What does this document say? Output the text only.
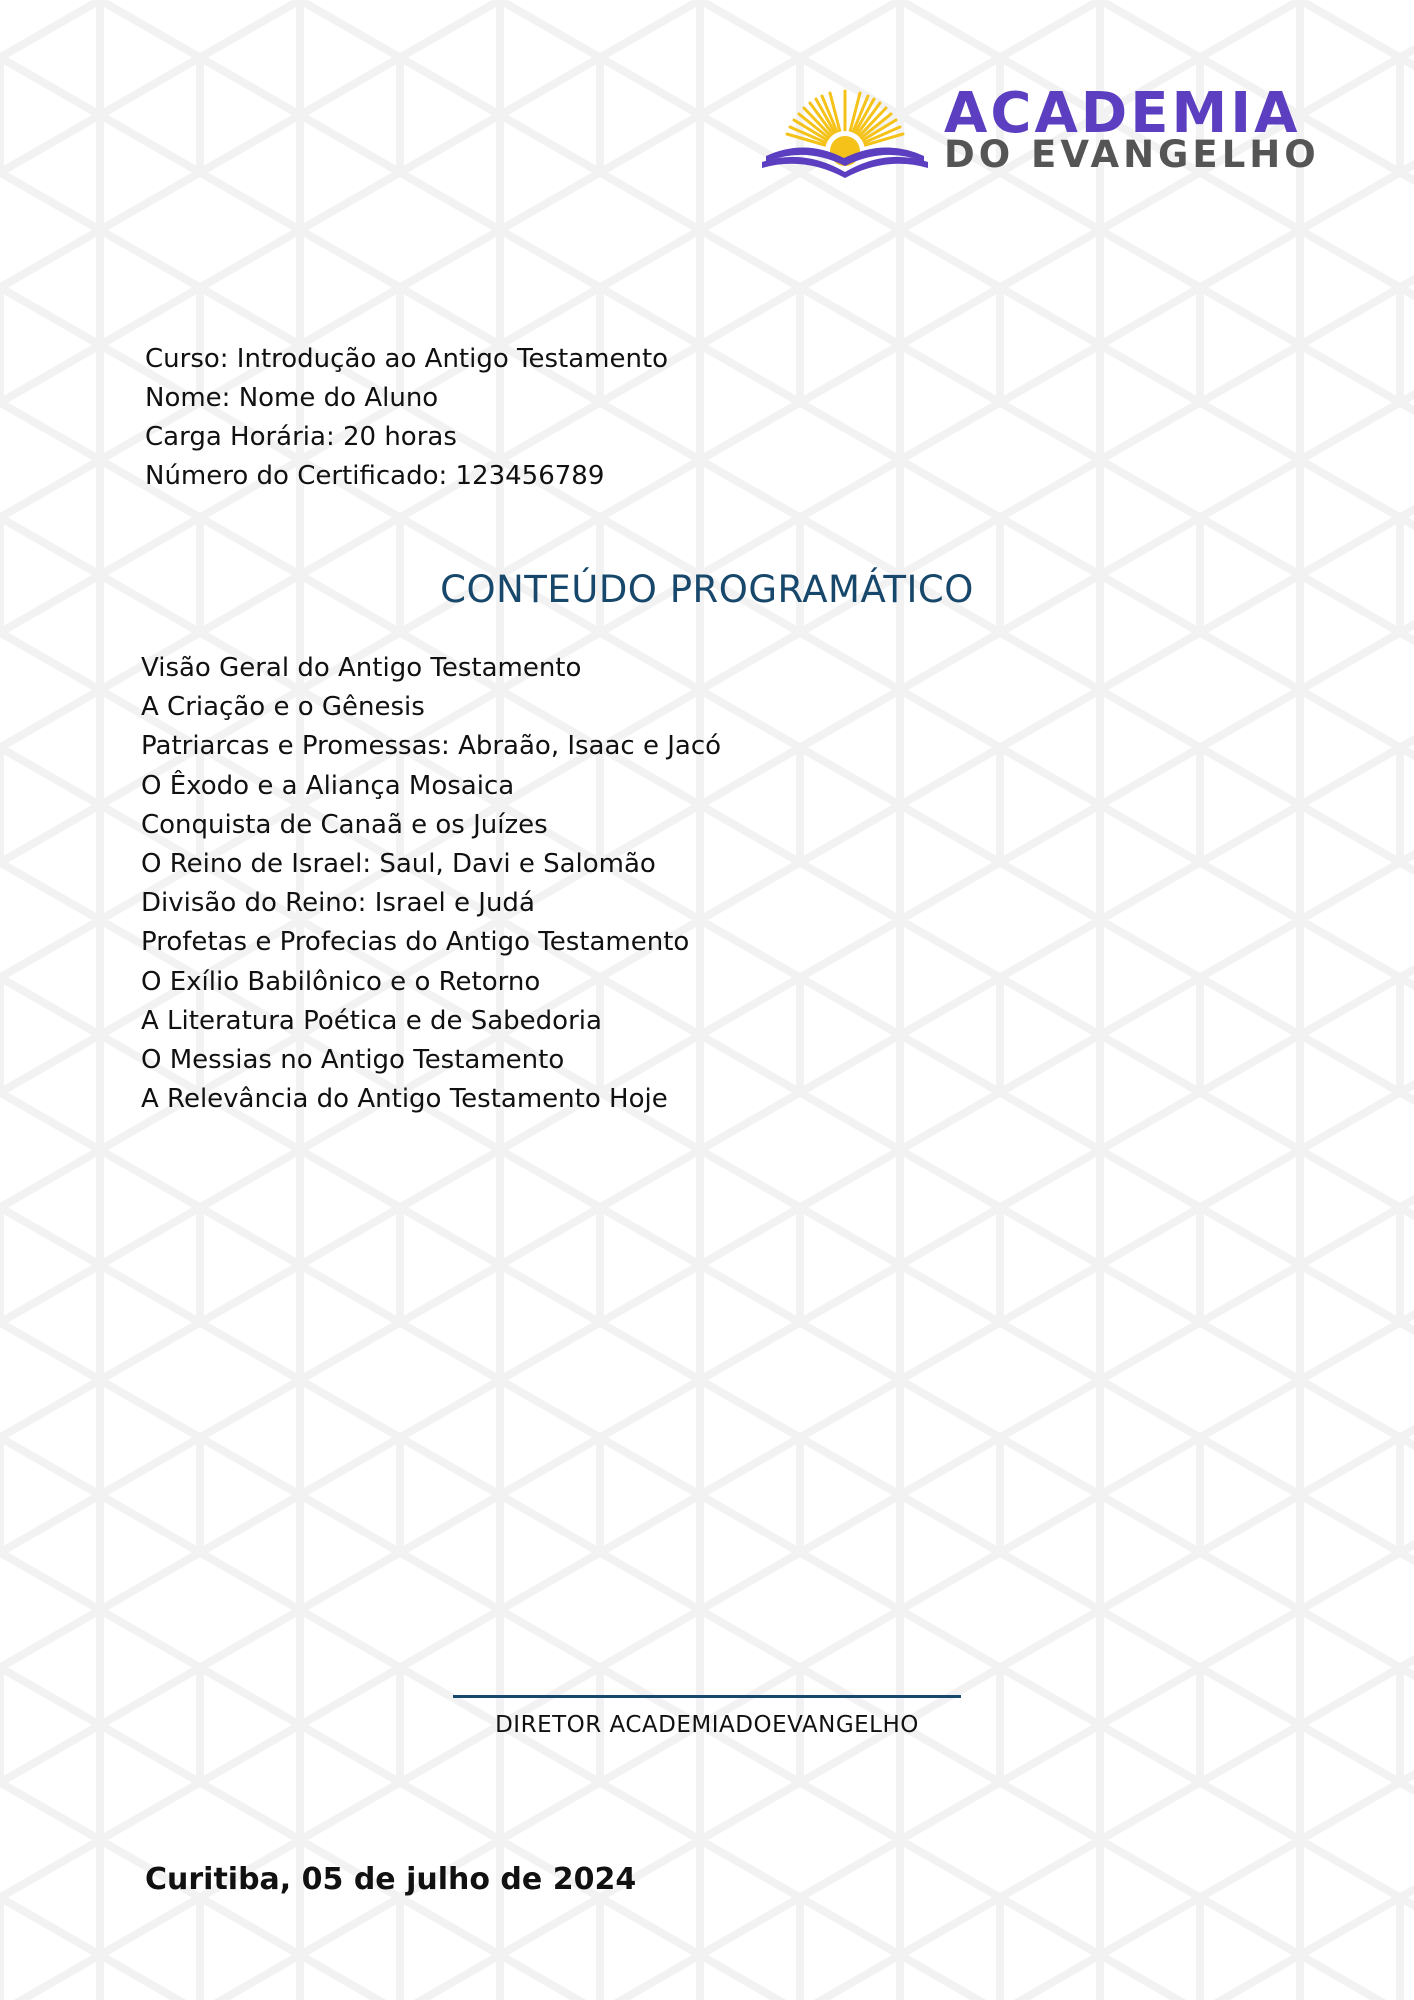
ACADEMIA
DO EVANGELHO
Curso: Introdução ao Antigo Testamento
Nome: Nome do Aluno
Carga Horária: 20 horas
Número do Certificado: 123456789
CONTEÚDO PROGRAMÁTICO
Visão Geral do Antigo Testamento
A Criação e o Gênesis
Patriarcas e Promessas: Abraão, Isaac e Jacó
O Êxodo e a Aliança Mosaica
Conquista de Canaã e os Juízes
O Reino de Israel: Saul, Davi e Salomão
Divisão do Reino: Israel e Judá
Profetas e Profecias do Antigo Testamento
O Exílio Babilônico e o Retorno
A Literatura Poética e de Sabedoria
O Messias no Antigo Testamento
A Relevância do Antigo Testamento Hoje
DIRETOR ACADEMIADOEVANGELHO
Curitiba, 05 de julho de 2024
